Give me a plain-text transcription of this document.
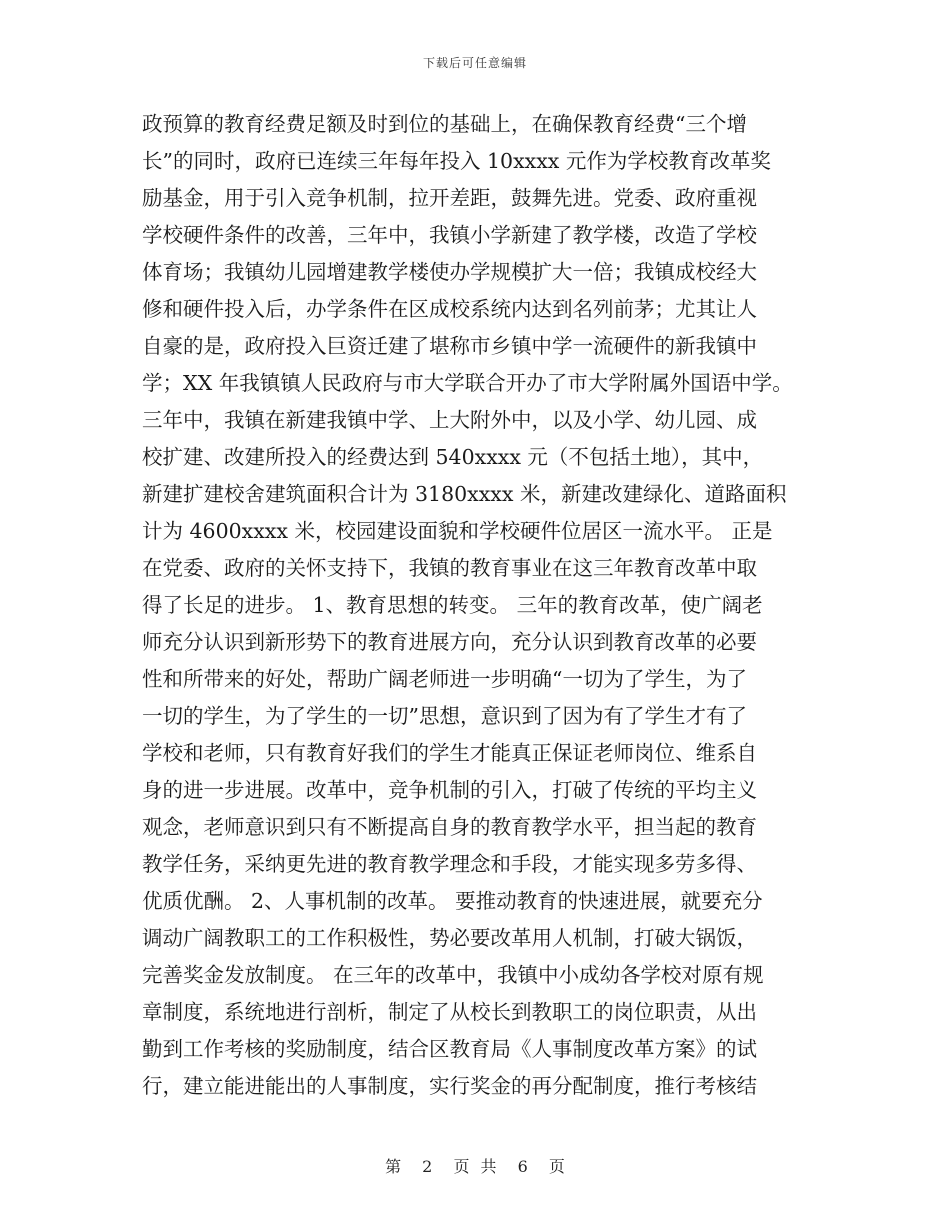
下载后可任意编辑
政预算的教育经费足额及时到位的基础上，在确保教育经费“三个增
长”的同时，政府已连续三年每年投入 10xxxx 元作为学校教育改革奖
励基金，用于引入竞争机制，拉开差距，鼓舞先进。党委、政府重视
学校硬件条件的改善，三年中，我镇小学新建了教学楼，改造了学校
体育场；我镇幼儿园增建教学楼使办学规模扩大一倍；我镇成校经大
修和硬件投入后，办学条件在区成校系统内达到名列前茅；尤其让人
自豪的是，政府投入巨资迁建了堪称市乡镇中学一流硬件的新我镇中
学；XX 年我镇镇人民政府与市大学联合开办了市大学附属外国语中学。
三年中，我镇在新建我镇中学、上大附外中，以及小学、幼儿园、成
校扩建、改建所投入的经费达到 540xxxx 元（不包括土地），其中，
新建扩建校舍建筑面积合计为 3180xxxx 米，新建改建绿化、道路面积
计为 4600xxxx 米，校园建设面貌和学校硬件位居区一流水平。 正是
在党委、政府的关怀支持下，我镇的教育事业在这三年教育改革中取
得了长足的进步。 1、教育思想的转变。 三年的教育改革，使广阔老
师充分认识到新形势下的教育进展方向，充分认识到教育改革的必要
性和所带来的好处，帮助广阔老师进一步明确“一切为了学生，为了
一切的学生，为了学生的一切”思想，意识到了因为有了学生才有了
学校和老师，只有教育好我们的学生才能真正保证老师岗位、维系自
身的进一步进展。改革中，竞争机制的引入，打破了传统的平均主义
观念，老师意识到只有不断提高自身的教育教学水平，担当起的教育
教学任务，采纳更先进的教育教学理念和手段，才能实现多劳多得、
优质优酬。 2、人事机制的改革。 要推动教育的快速进展，就要充分
调动广阔教职工的工作积极性，势必要改革用人机制，打破大锅饭，
完善奖金发放制度。 在三年的改革中，我镇中小成幼各学校对原有规
章制度，系统地进行剖析，制定了从校长到教职工的岗位职责，从出
勤到工作考核的奖励制度，结合区教育局《人事制度改革方案》的试
行，建立能进能出的人事制度，实行奖金的再分配制度，推行考核结
第 2 页 共 6 页
